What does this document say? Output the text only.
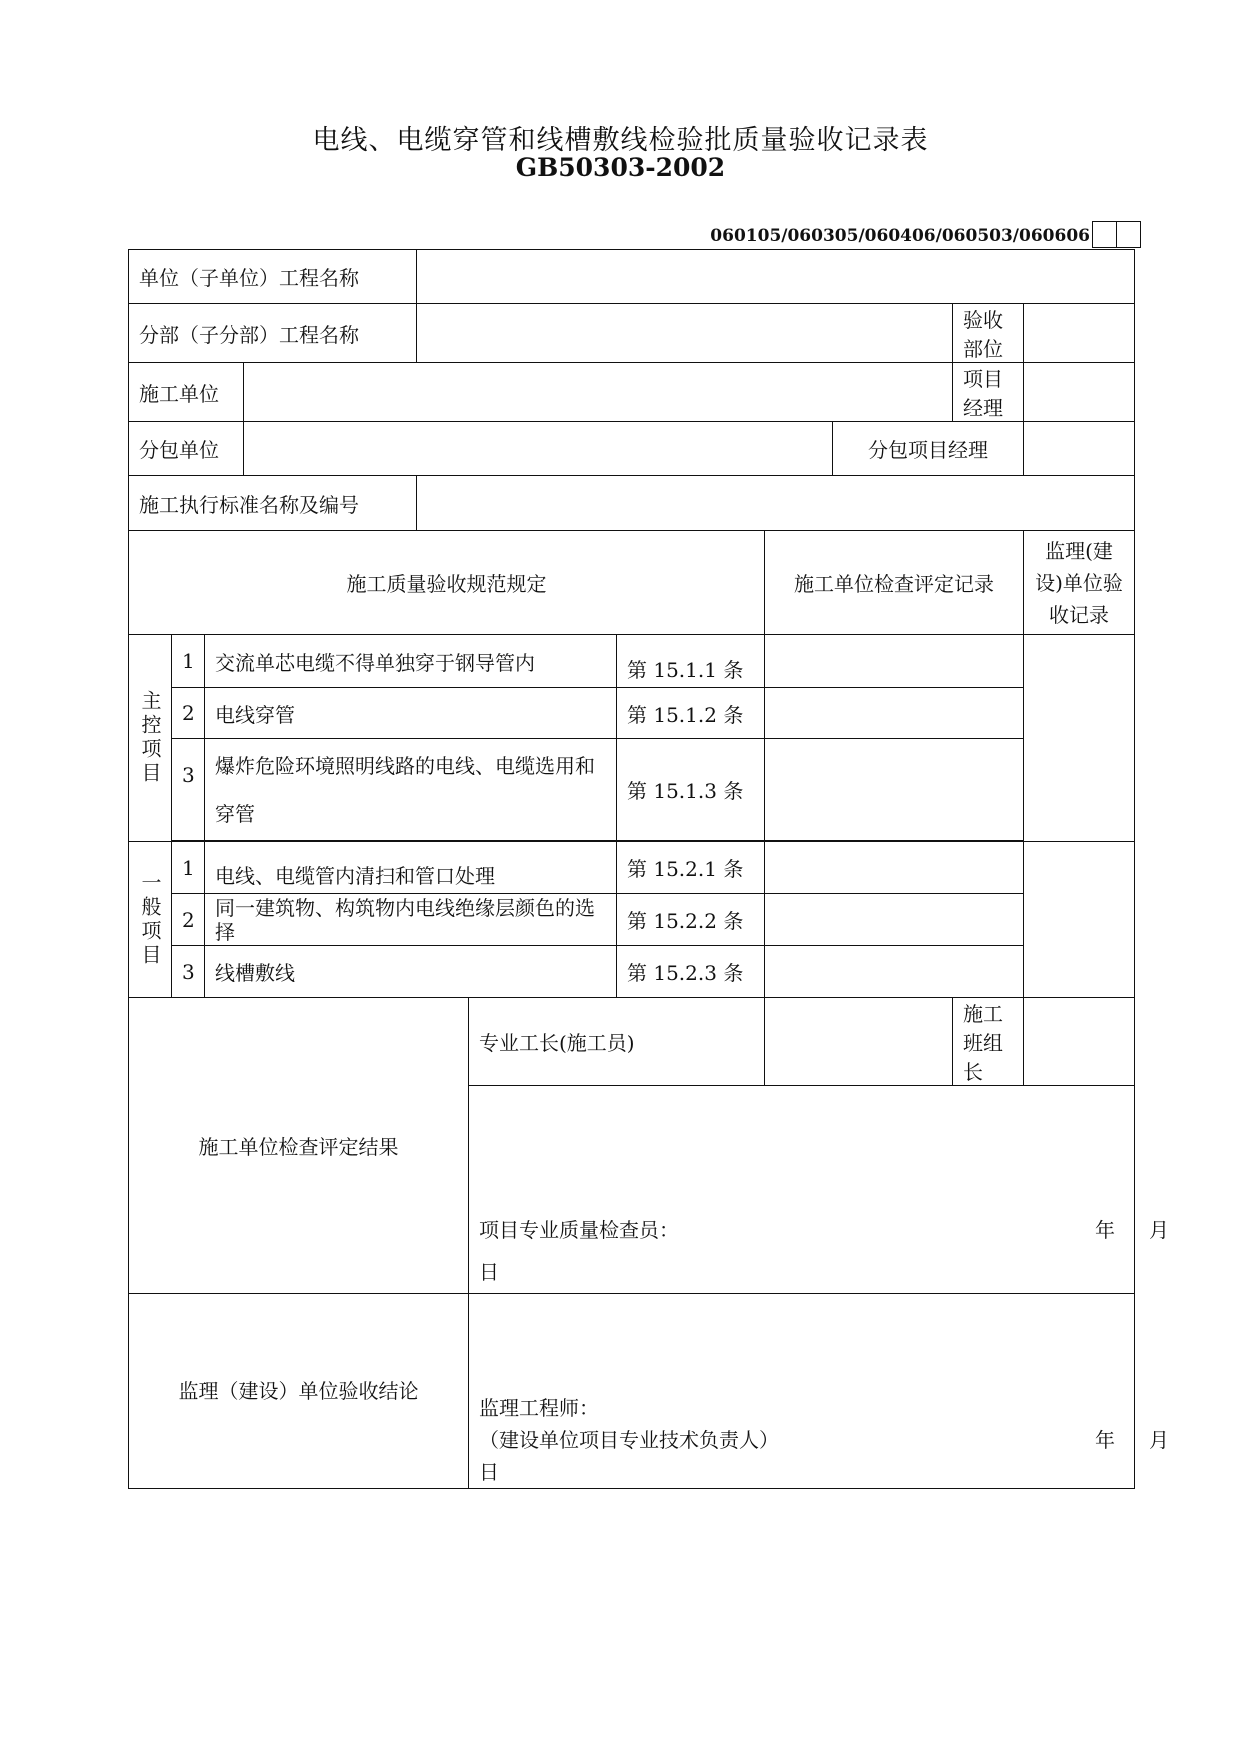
电线、电缆穿管和线槽敷线检验批质量验收记录表
GB50303-2002
060105/060305/060406/060503/060606
单位（子单位）工程名称										
分部（子分部）工程名称									验收部位	
施工单位									项目经理	
分包单位								分包项目经理		
施工执行标准名称及编号										
施工质量验收规范规定							施工单位检查评定记录			监理(建设)单位验收记录
主控项目	1	交流单芯电缆不得单独穿于钢导管内				第 15.1.1 条				
	2	电线穿管				第 15.1.2 条				
	3	爆炸危险环境照明线路的电线、电缆选用和穿管				第 15.1.3 条				

一般项目	1	电线、电缆管内清扫和管口处理				第 15.2.1 条				
	2	同一建筑物、构筑物内电线绝缘层颜色的选择				第 15.2.2 条				
	3	线槽敷线				第 15.2.3 条				
施工单位检查评定结果					专业工长(施工员)				施工班组长	

					项目专业质量检查员： 年 月
日					

监理（建设）单位验收结论					监理工程师：
（建设单位项目专业技术负责人） 年 月
日					
